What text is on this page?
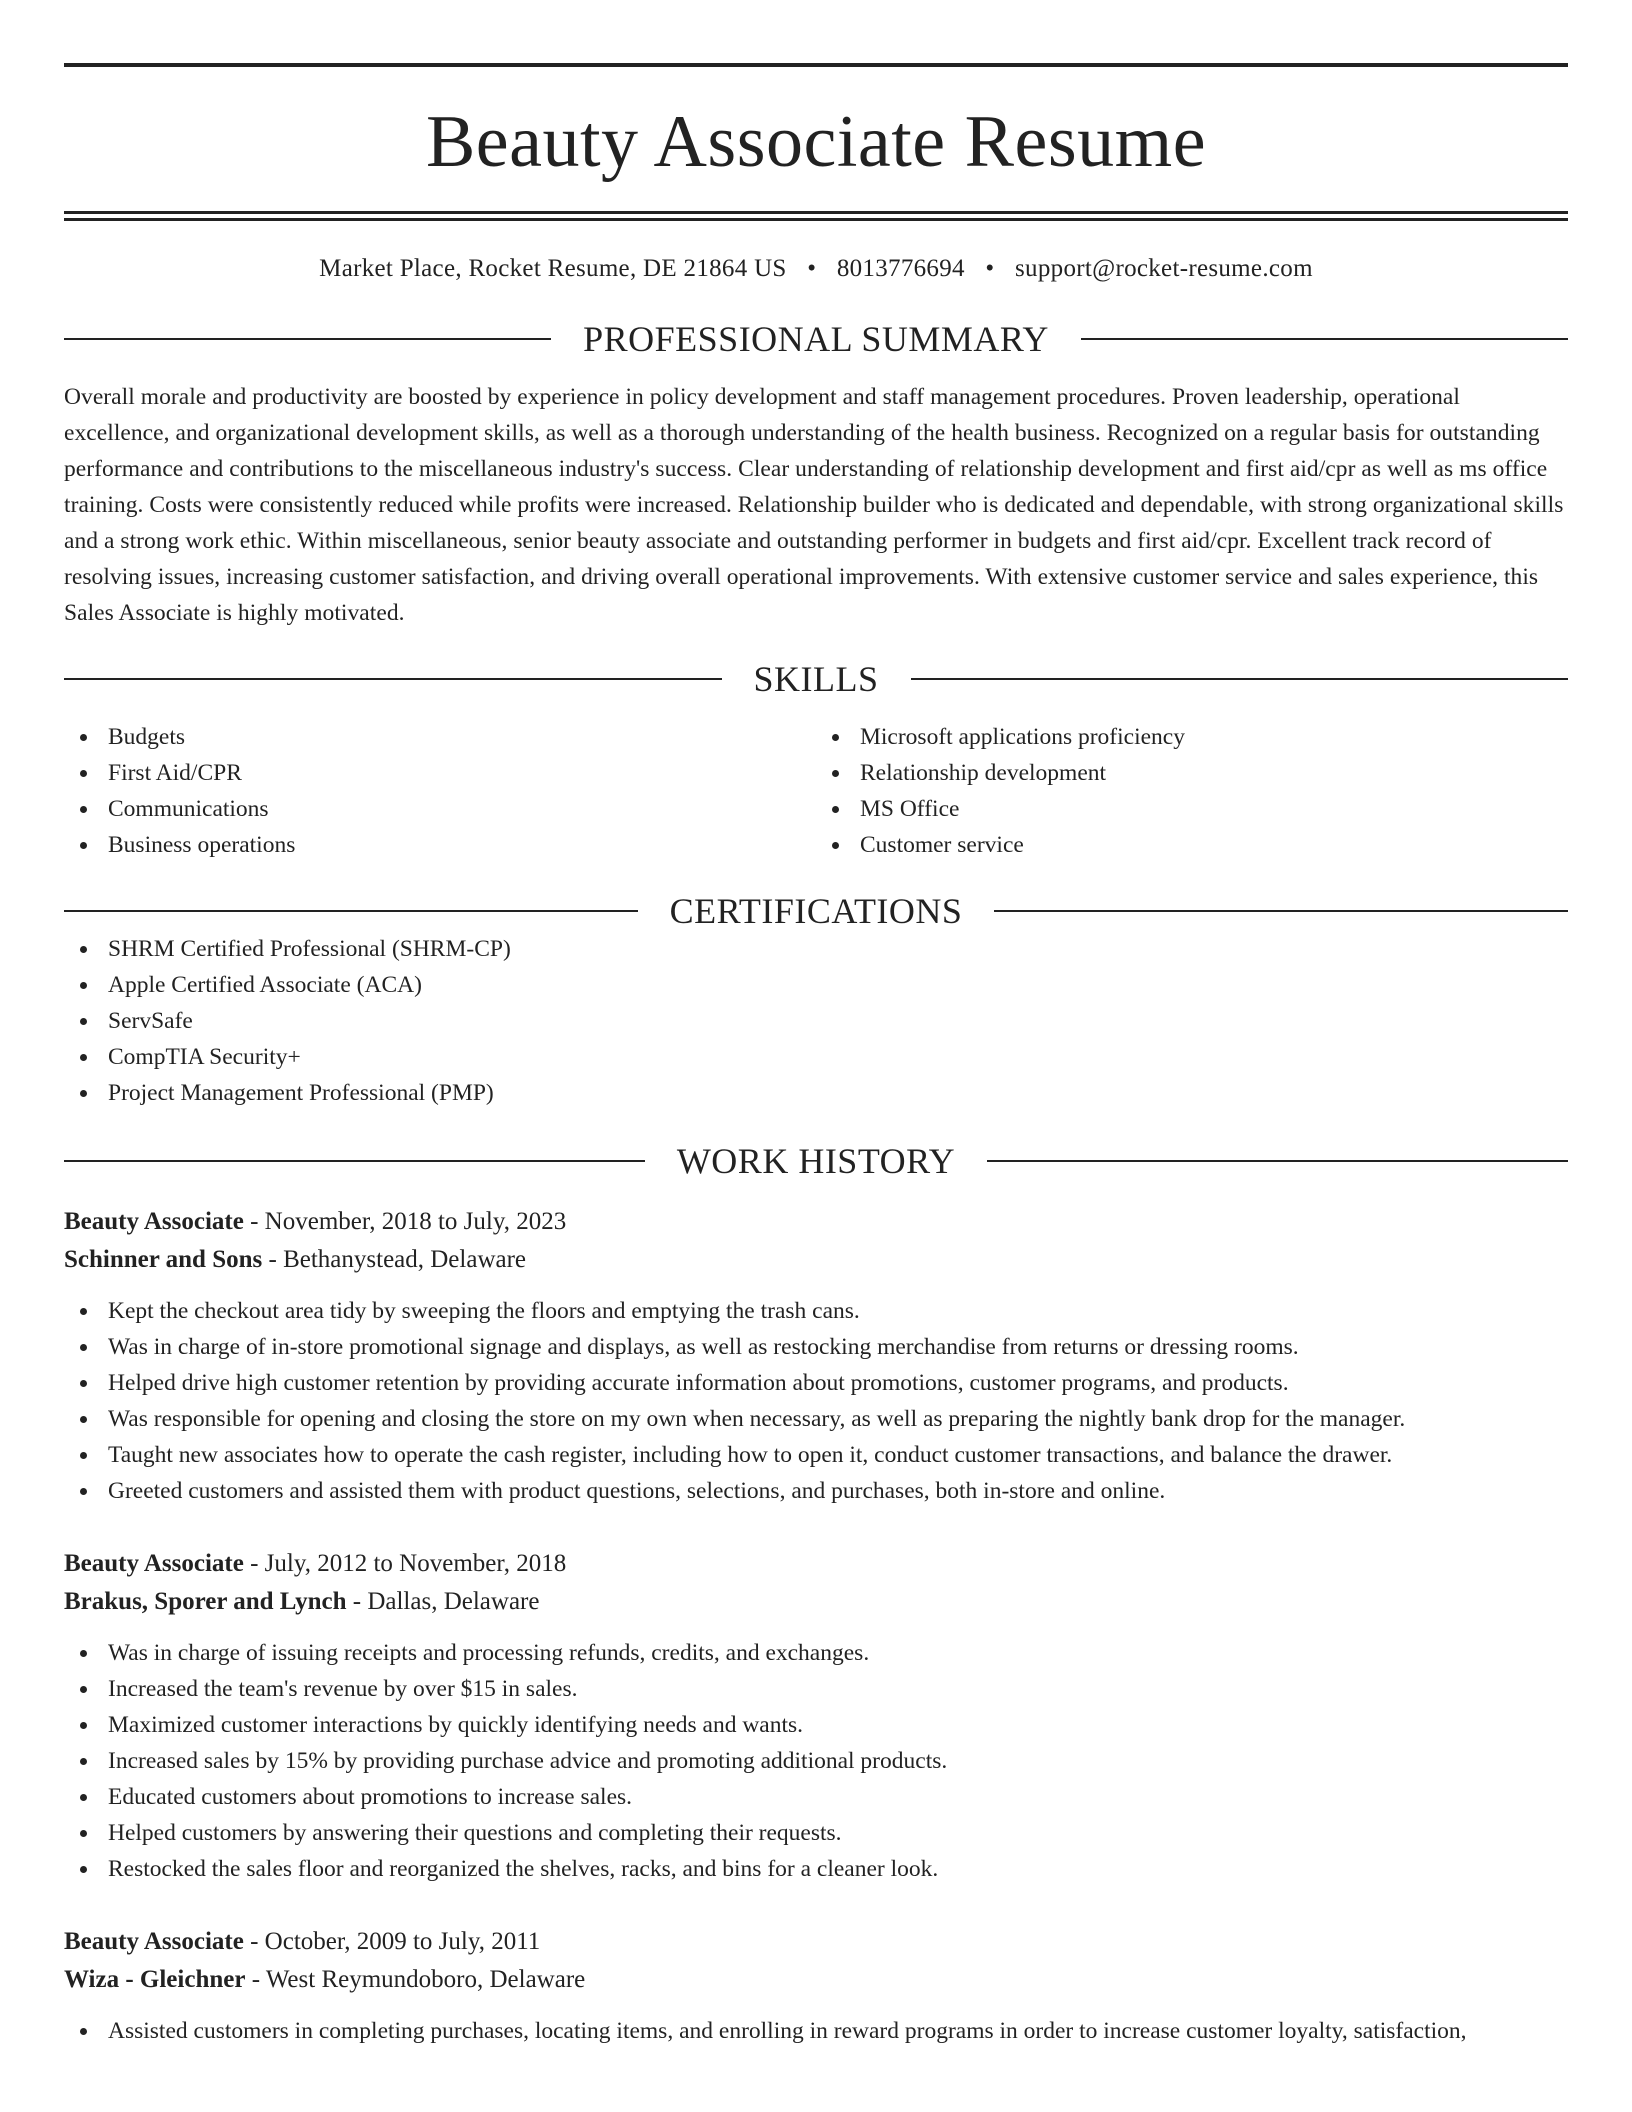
Beauty Associate Resume
Market Place, Rocket Resume, DE 21864 US • 8013776694 • support@rocket-resume.com
PROFESSIONAL SUMMARY

Overall morale and productivity are boosted by experience in policy development and staff management procedures. Proven leadership, operational excellence, and organizational development skills, as well as a thorough understanding of the health business. Recognized on a regular basis for outstanding performance and contributions to the miscellaneous industry's success. Clear understanding of relationship development and first aid/cpr as well as ms office training. Costs were consistently reduced while profits were increased. Relationship builder who is dedicated and dependable, with strong organizational skills and a strong work ethic. Within miscellaneous, senior beauty associate and outstanding performer in budgets and first aid/cpr. Excellent track record of resolving issues, increasing customer satisfaction, and driving overall operational improvements. With extensive customer service and sales experience, this Sales Associate is highly motivated.

SKILLS
Budgets
First Aid/CPR
Communications
Business operations
Microsoft applications proficiency
Relationship development
MS Office
Customer service
CERTIFICATIONS
SHRM Certified Professional (SHRM-CP)
Apple Certified Associate (ACA)
ServSafe
CompTIA Security+
Project Management Professional (PMP)
WORK HISTORY
Beauty Associate - November, 2018 to July, 2023
Schinner and Sons - Bethanystead, Delaware
Kept the checkout area tidy by sweeping the floors and emptying the trash cans.
Was in charge of in-store promotional signage and displays, as well as restocking merchandise from returns or dressing rooms.
Helped drive high customer retention by providing accurate information about promotions, customer programs, and products.
Was responsible for opening and closing the store on my own when necessary, as well as preparing the nightly bank drop for the manager.
Taught new associates how to operate the cash register, including how to open it, conduct customer transactions, and balance the drawer.
Greeted customers and assisted them with product questions, selections, and purchases, both in-store and online.
Beauty Associate - July, 2012 to November, 2018
Brakus, Sporer and Lynch - Dallas, Delaware
Was in charge of issuing receipts and processing refunds, credits, and exchanges.
Increased the team's revenue by over $15 in sales.
Maximized customer interactions by quickly identifying needs and wants.
Increased sales by 15% by providing purchase advice and promoting additional products.
Educated customers about promotions to increase sales.
Helped customers by answering their questions and completing their requests.
Restocked the sales floor and reorganized the shelves, racks, and bins for a cleaner look.
Beauty Associate - October, 2009 to July, 2011
Wiza - Gleichner - West Reymundoboro, Delaware
Assisted customers in completing purchases, locating items, and enrolling in reward programs in order to increase customer loyalty, satisfaction,
